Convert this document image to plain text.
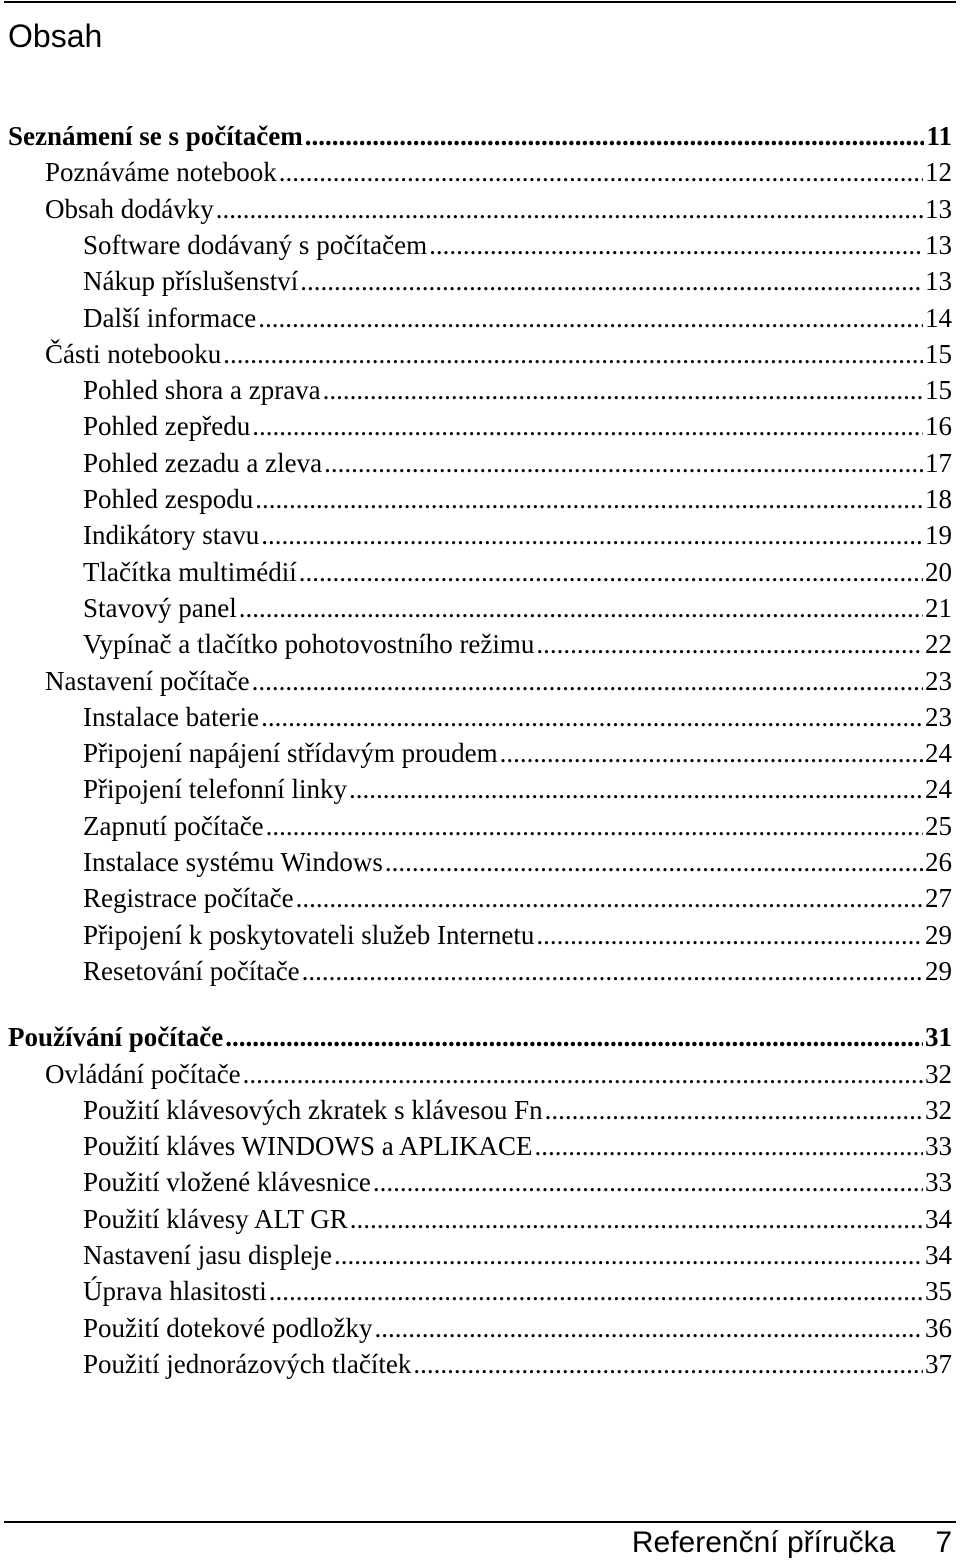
Obsah
Seznámení se s počítačem .....	11
Poznáváme notebook .....	12
Obsah dodávky .....	13
Software dodávaný s počítačem .....	13
Nákup příslušenství .....	13
Další informace .....	14
Části notebooku .....	15
Pohled shora a zprava .....	15
Pohled zepředu .....	16
Pohled zezadu a zleva .....	17
Pohled zespodu .....	18
Indikátory stavu .....	19
Tlačítka multimédií .....	20
Stavový panel .....	21
Vypínač a tlačítko pohotovostního režimu .....	22
Nastavení počítače .....	23
Instalace baterie .....	23
Připojení napájení střídavým proudem .....	24
Připojení telefonní linky .....	24
Zapnutí počítače .....	25
Instalace systému Windows .....	26
Registrace počítače .....	27
Připojení k poskytovateli služeb Internetu .....	29
Resetování počítače .....	29
Používání počítače .....	31
Ovládání počítače .....	32
Použití klávesových zkratek s klávesou Fn .....	32
Použití kláves WINDOWS a APLIKACE .....	33
Použití vložené klávesnice .....	33
Použití klávesy ALT GR .....	34
Nastavení jasu displeje .....	34
Úprava hlasitosti .....	35
Použití dotekové podložky .....	36
Použití jednorázových tlačítek .....	37
Referenční příručka 7
